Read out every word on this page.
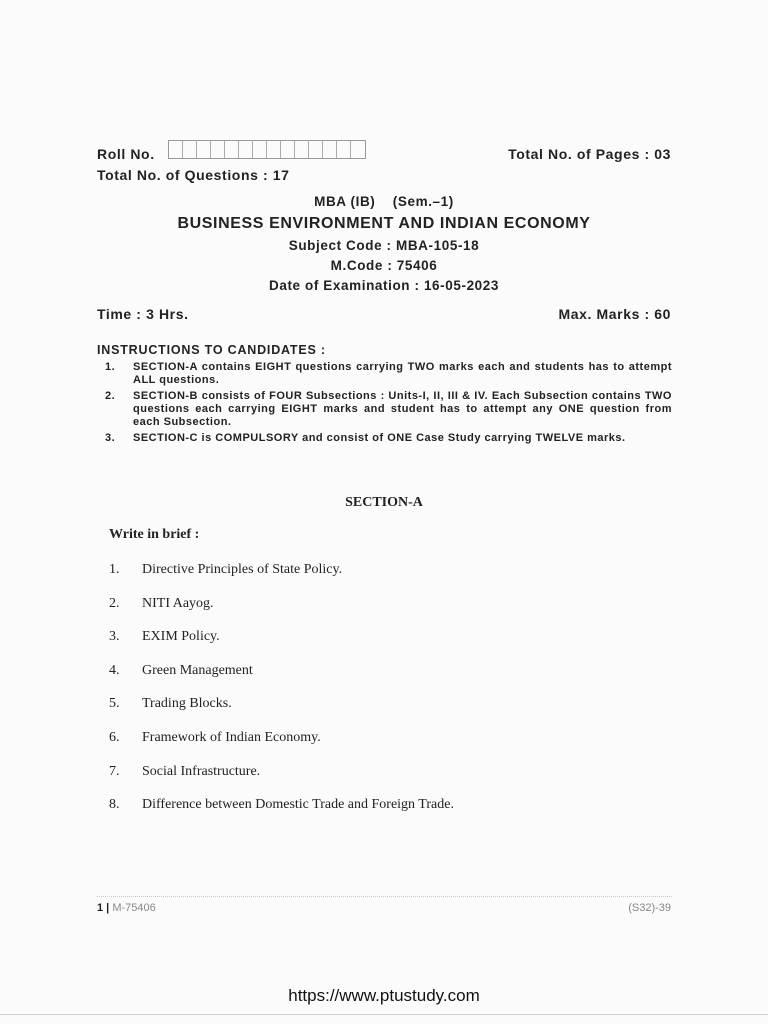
Roll No.	Total No. of Pages : 03
Total No. of Questions : 17
MBA (IB)    (Sem.–1)
BUSINESS ENVIRONMENT AND INDIAN ECONOMY
Subject Code : MBA-105-18
M.Code : 75406
Date of Examination : 16-05-2023
Time : 3 Hrs.	Max. Marks : 60
INSTRUCTIONS TO CANDIDATES :
1.	SECTION-A contains EIGHT questions carrying TWO marks each and students has to attempt ALL questions.
2.	SECTION-B consists of FOUR Subsections : Units-I, II, III & IV. Each Subsection contains TWO questions each carrying EIGHT marks and student has to attempt any ONE question from each Subsection.
3.	SECTION-C is COMPULSORY and consist of ONE Case Study carrying TWELVE marks.
SECTION-A
Write in brief :
1.	Directive Principles of State Policy.
2.	NITI Aayog.
3.	EXIM Policy.
4.	Green Management
5.	Trading Blocks.
6.	Framework of Indian Economy.
7.	Social Infrastructure.
8.	Difference between Domestic Trade and Foreign Trade.
1 | M-75406	(S32)-39
https://www.ptustudy.com
